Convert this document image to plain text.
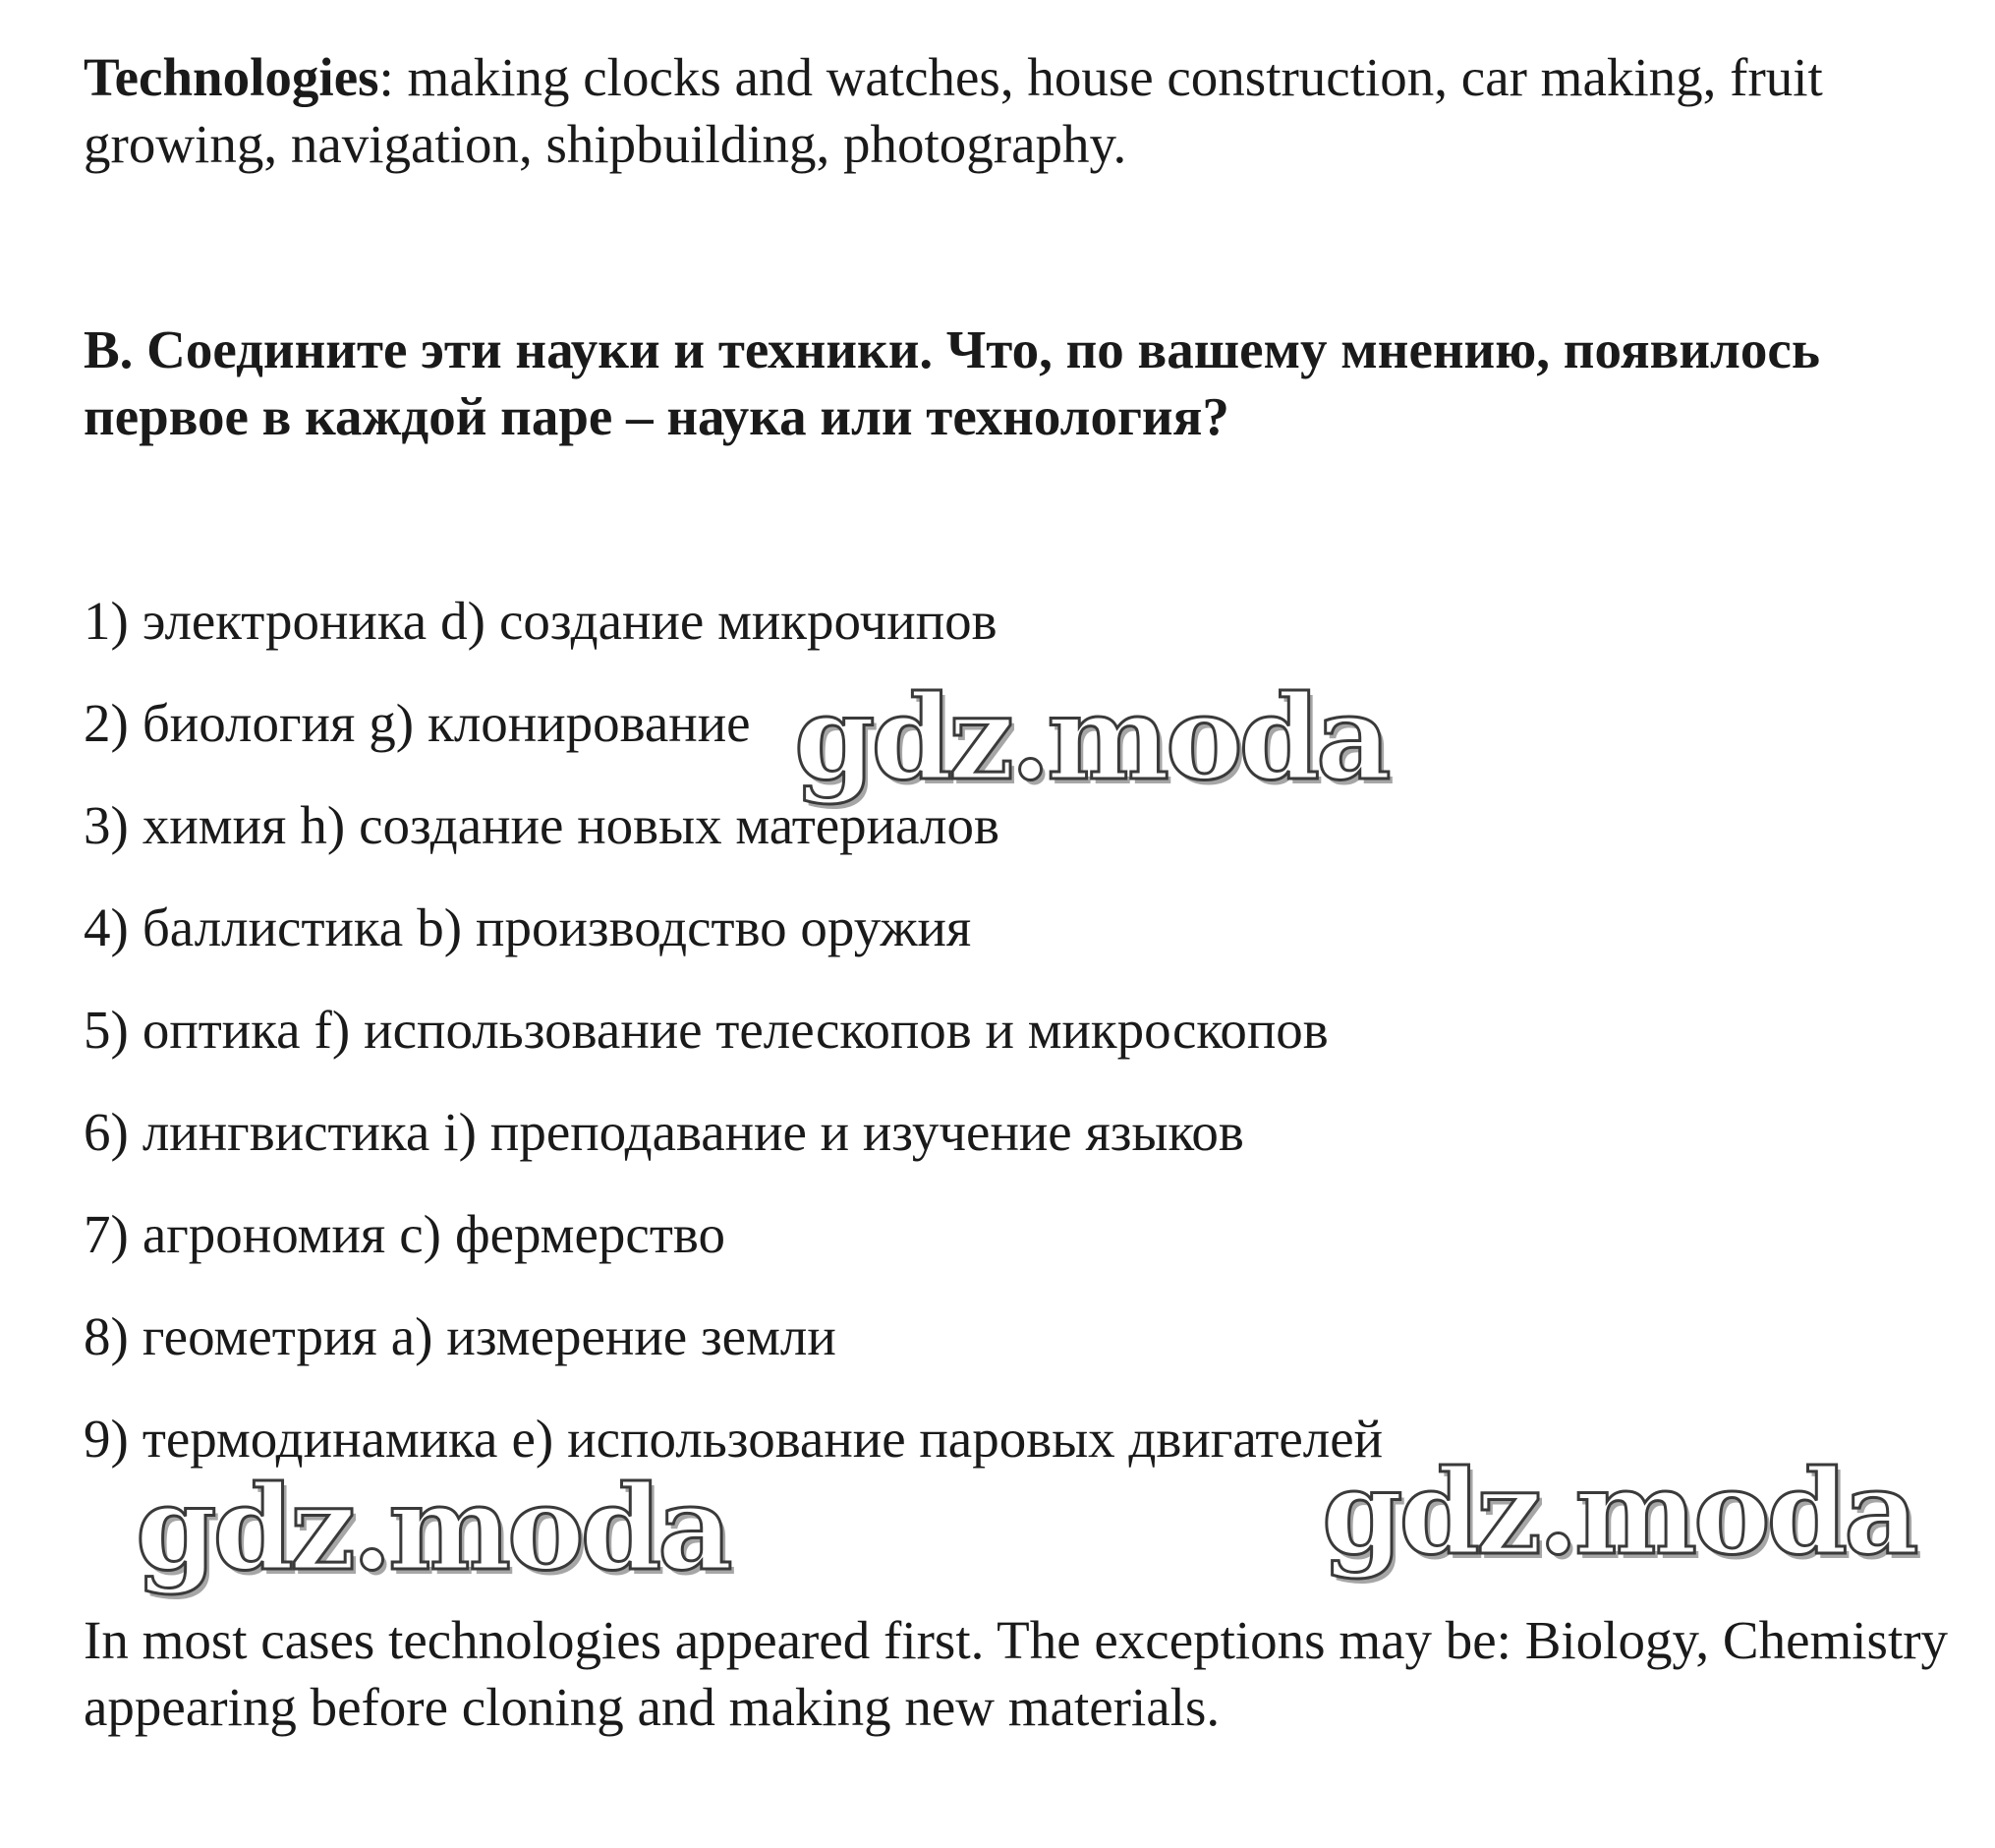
Technologies: making clocks and watches, house construction, car making, fruit growing, navigation, shipbuilding, photography.

B. Соедините эти науки и техники. Что, по вашему мнению, появилось первое в каждой паре – наука или технология?

1) электроника d) создание микрочипов
2) биология g) клонирование
3) химия h) создание новых материалов
4) баллистика b) производство оружия
5) оптика f) использование телескопов и микроскопов
6) лингвистика i) преподавание и изучение языков
7) агрономия c) фермерство
8) геометрия a) измерение земли
9) термодинамика e) использование паровых двигателей

In most cases technologies appeared first. The exceptions may be: Biology, Chemistry appearing before cloning and making new materials.

gdz.moda
gdz.moda	gdz.moda
